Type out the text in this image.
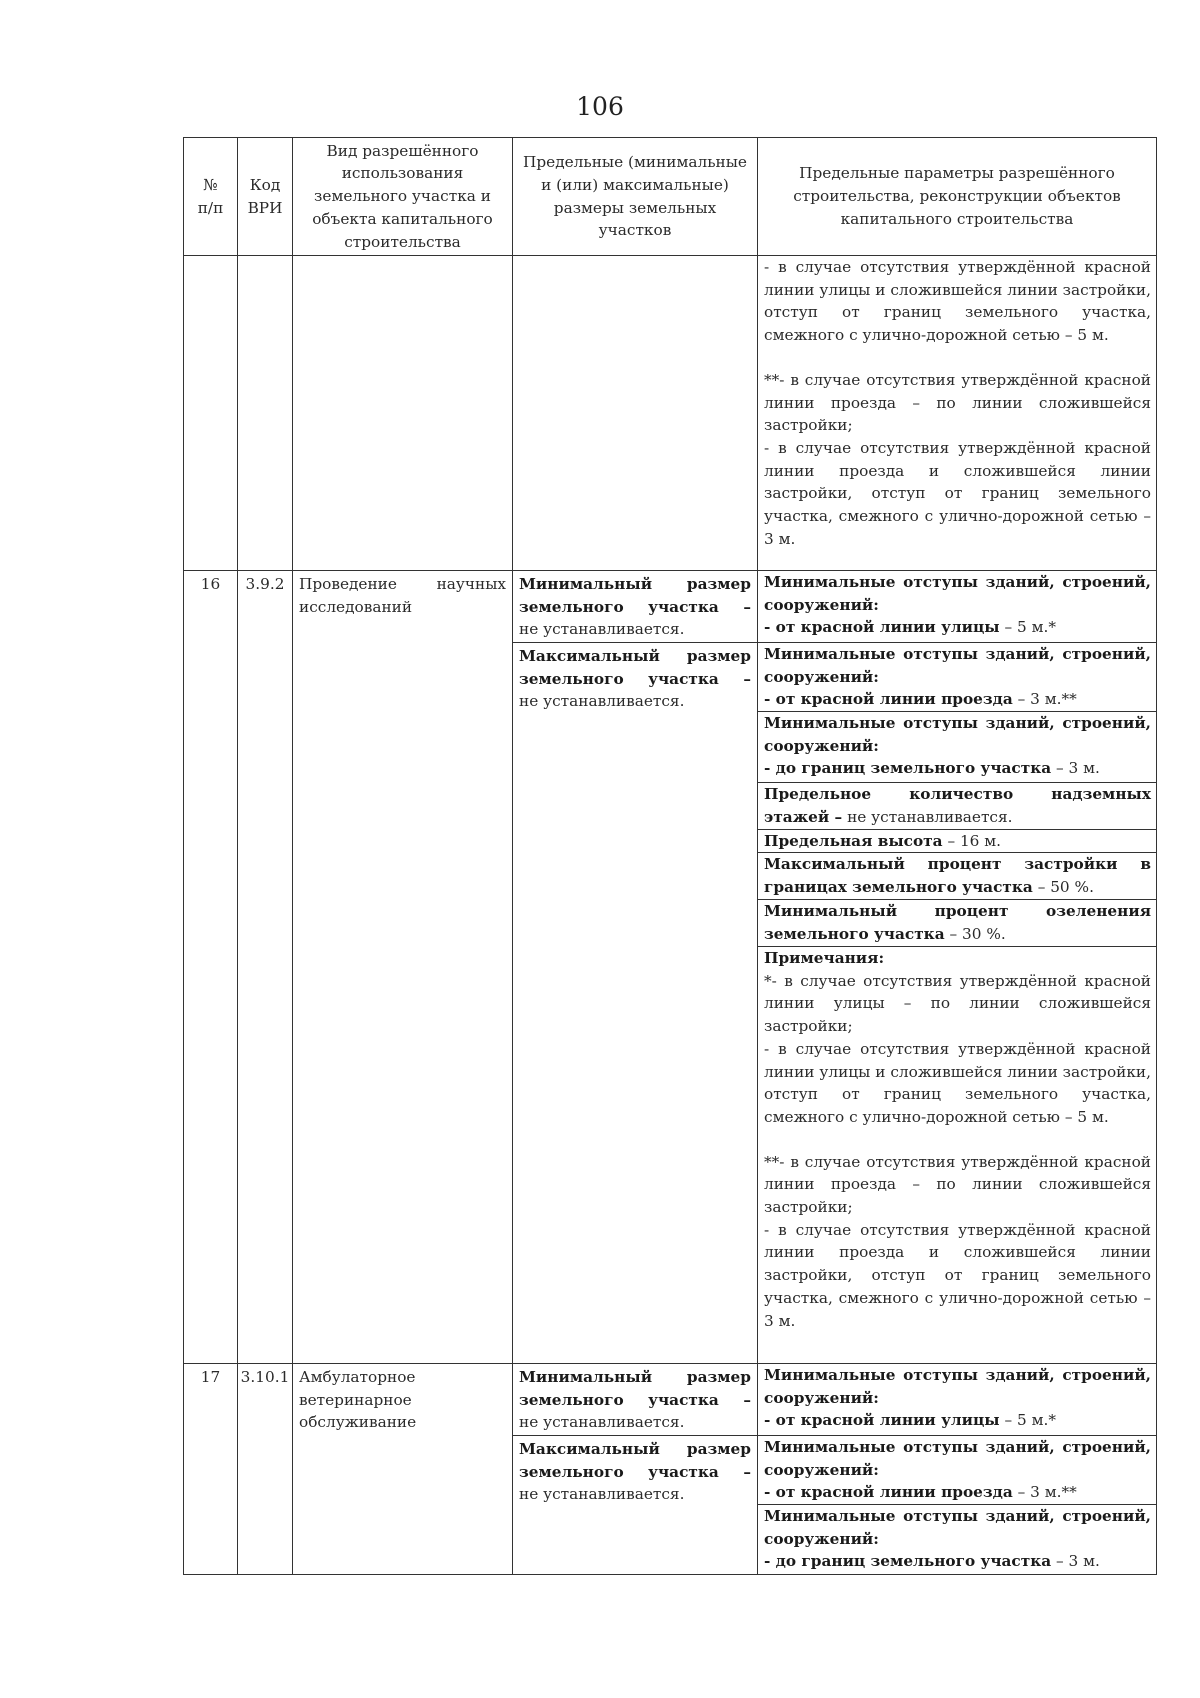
106
№
п/п
Код
ВРИ
Вид разрешённого использования земельного участка и объекта капитального строительства
Предельные (минимальные и (или) максимальные) размеры земельных участков
Предельные параметры разрешённого строительства, реконструкции объектов капитального строительства
- в случае отсутствия утверждённой красной линии улицы и сложившейся линии застройки, отступ от границ земельного участка, смежного с улично-дорожной сетью – 5 м.
**- в случае отсутствия утверждённой красной линии проезда – по линии сложившейся застройки;
- в случае отсутствия утверждённой красной линии проезда и сложившейся линии застройки, отступ от границ земельного участка, смежного с улично-дорожной сетью – 3 м.
16	3.9.2 Проведение научных исследований
Минимальный размер земельного участка –
не устанавливается.
Максимальный размер земельного участка –
не устанавливается.
Минимальные отступы зданий, строений, сооружений:
- от красной линии улицы – 5 м.*
Минимальные отступы зданий, строений, сооружений:
- от красной линии проезда – 3 м.**
Минимальные отступы зданий, строений, сооружений:
- до границ земельного участка – 3 м.
Предельное количество надземных этажей – не устанавливается.
Предельная высота – 16 м.
Максимальный процент застройки в границах земельного участка – 50 %.
Минимальный процент озеленения земельного участка – 30 %.
Примечания:
*- в случае отсутствия утверждённой красной линии улицы – по линии сложившейся застройки;
- в случае отсутствия утверждённой красной линии улицы и сложившейся линии застройки, отступ от границ земельного участка, смежного с улично-дорожной сетью – 5 м.
**- в случае отсутствия утверждённой красной линии проезда – по линии сложившейся застройки;
- в случае отсутствия утверждённой красной линии проезда и сложившейся линии застройки, отступ от границ земельного участка, смежного с улично-дорожной сетью – 3 м.
17	3.10.1 Амбулаторное ветеринарное обслуживание
Минимальный размер земельного участка –
не устанавливается.
Максимальный размер земельного участка –
не устанавливается.
Минимальные отступы зданий, строений, сооружений:
- от красной линии улицы – 5 м.*
Минимальные отступы зданий, строений, сооружений:
- от красной линии проезда – 3 м.**
Минимальные отступы зданий, строений, сооружений:
- до границ земельного участка – 3 м.
